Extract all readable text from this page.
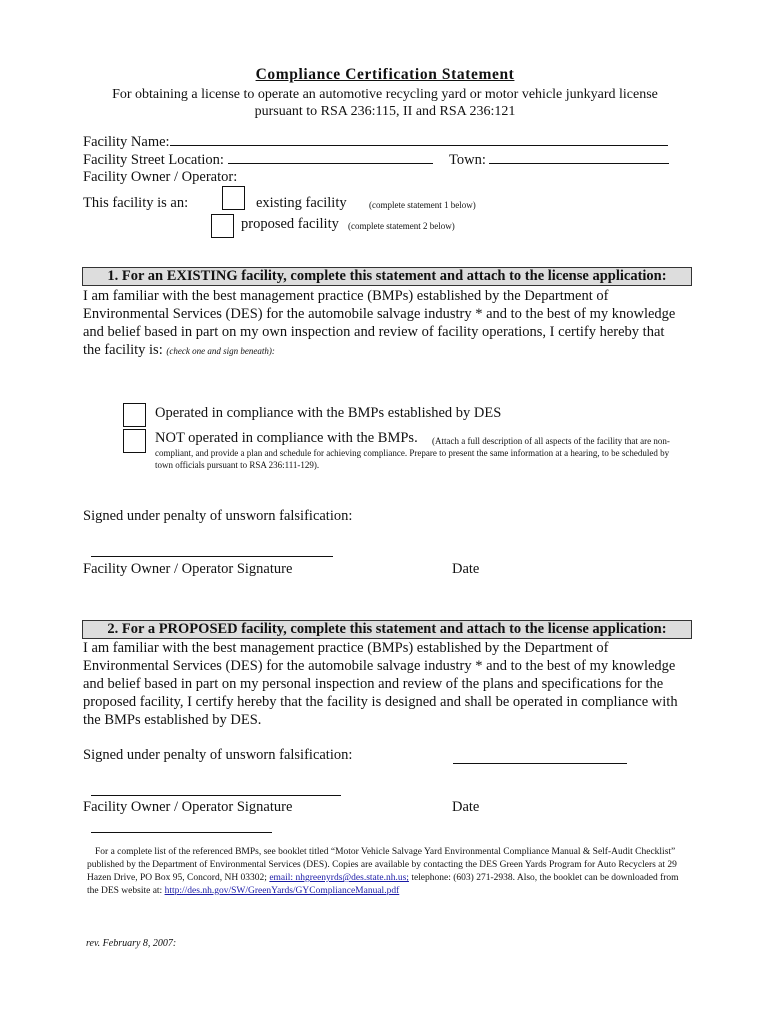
Compliance Certification Statement
For obtaining a license to operate an automotive recycling yard or motor vehicle junkyard license
pursuant to RSA 236:115, II and RSA 236:121
Facility Name:
Facility Street Location:	Town:
Facility Owner / Operator:
This facility is an:	existing facility (complete statement 1 below)
proposed facility (complete statement 2 below)
1. For an EXISTING facility, complete this statement and attach to the license application:
I am familiar with the best management practice (BMPs) established by the Department of Environmental Services (DES) for the automobile salvage industry * and to the best of my knowledge and belief based in part on my own inspection and review of facility operations, I certify hereby that the facility is: (check one and sign beneath):
Operated in compliance with the BMPs established by DES
NOT operated in compliance with the BMPs.	(Attach a full description of all aspects of the facility that are non-compliant, and provide a plan and schedule for achieving compliance. Prepare to present the same information at a hearing, to be scheduled by town officials pursuant to RSA 236:111-129).
Signed under penalty of unsworn falsification:
Facility Owner / Operator Signature	Date
2. For a PROPOSED facility, complete this statement and attach to the license application:
I am familiar with the best management practice (BMPs) established by the Department of Environmental Services (DES) for the automobile salvage industry * and to the best of my knowledge and belief based in part on my personal inspection and review of the plans and specifications for the proposed facility, I certify hereby that the facility is designed and shall be operated in compliance with the BMPs established by DES.
Signed under penalty of unsworn falsification:
Facility Owner / Operator Signature	Date
For a complete list of the referenced BMPs, see booklet titled “Motor Vehicle Salvage Yard Environmental Compliance Manual & Self-Audit Checklist” published by the Department of Environmental Services (DES). Copies are available by contacting the DES Green Yards Program for Auto Recyclers at 29 Hazen Drive, PO Box 95, Concord, NH 03302; email: nhgreenyrds@des.state.nh.us; telephone: (603) 271-2938. Also, the booklet can be downloaded from the DES website at: http://des.nh.gov/SW/GreenYards/GYComplianceManual.pdf
rev. February 8, 2007:
